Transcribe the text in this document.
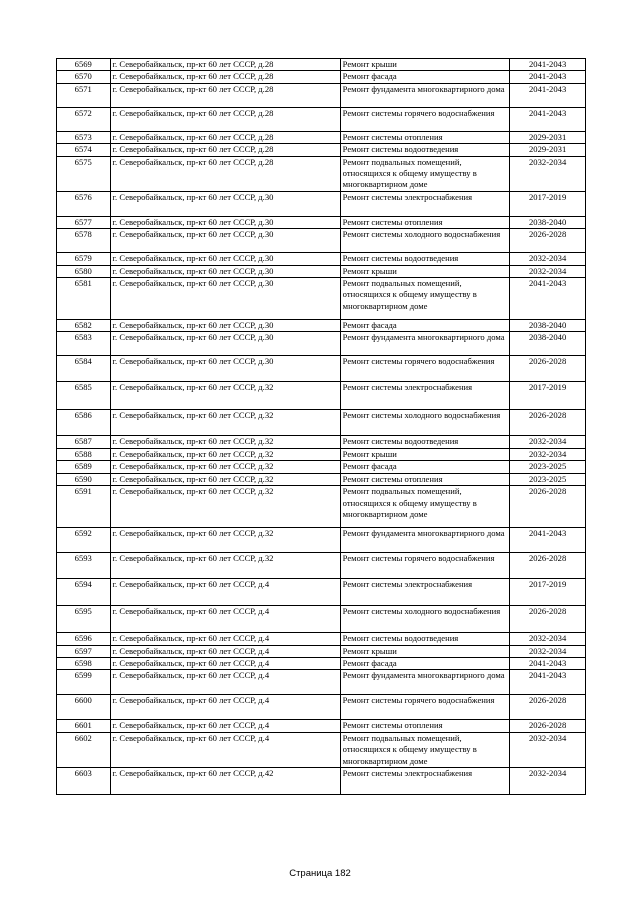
6569	г. Северобайкальск, пр-кт 60 лет СССР, д.28	Ремонт крыши	2041-2043
6570	г. Северобайкальск, пр-кт 60 лет СССР, д.28	Ремонт фасада	2041-2043
6571	г. Северобайкальск, пр-кт 60 лет СССР, д.28	Ремонт фундамента многоквартирного дома	2041-2043
6572	г. Северобайкальск, пр-кт 60 лет СССР, д.28	Ремонт системы горячего водоснабжения	2041-2043
6573	г. Северобайкальск, пр-кт 60 лет СССР, д.28	Ремонт системы отопления	2029-2031
6574	г. Северобайкальск, пр-кт 60 лет СССР, д.28	Ремонт системы водоотведения	2029-2031
6575	г. Северобайкальск, пр-кт 60 лет СССР, д.28	Ремонт подвальных помещений, относящихся к общему имуществу в многоквартирном доме	2032-2034
6576	г. Северобайкальск, пр-кт 60 лет СССР, д.30	Ремонт системы электроснабжения	2017-2019
6577	г. Северобайкальск, пр-кт 60 лет СССР, д.30	Ремонт системы отопления	2038-2040
6578	г. Северобайкальск, пр-кт 60 лет СССР, д.30	Ремонт системы холодного водоснабжения	2026-2028
6579	г. Северобайкальск, пр-кт 60 лет СССР, д.30	Ремонт системы водоотведения	2032-2034
6580	г. Северобайкальск, пр-кт 60 лет СССР, д.30	Ремонт крыши	2032-2034
6581	г. Северобайкальск, пр-кт 60 лет СССР, д.30	Ремонт подвальных помещений, относящихся к общему имуществу в многоквартирном доме	2041-2043
6582	г. Северобайкальск, пр-кт 60 лет СССР, д.30	Ремонт фасада	2038-2040
6583	г. Северобайкальск, пр-кт 60 лет СССР, д.30	Ремонт фундамента многоквартирного дома	2038-2040
6584	г. Северобайкальск, пр-кт 60 лет СССР, д.30	Ремонт системы горячего водоснабжения	2026-2028
6585	г. Северобайкальск, пр-кт 60 лет СССР, д.32	Ремонт системы электроснабжения	2017-2019
6586	г. Северобайкальск, пр-кт 60 лет СССР, д.32	Ремонт системы холодного водоснабжения	2026-2028
6587	г. Северобайкальск, пр-кт 60 лет СССР, д.32	Ремонт системы водоотведения	2032-2034
6588	г. Северобайкальск, пр-кт 60 лет СССР, д.32	Ремонт крыши	2032-2034
6589	г. Северобайкальск, пр-кт 60 лет СССР, д.32	Ремонт фасада	2023-2025
6590	г. Северобайкальск, пр-кт 60 лет СССР, д.32	Ремонт системы отопления	2023-2025
6591	г. Северобайкальск, пр-кт 60 лет СССР, д.32	Ремонт подвальных помещений, относящихся к общему имуществу в многоквартирном доме	2026-2028
6592	г. Северобайкальск, пр-кт 60 лет СССР, д.32	Ремонт фундамента многоквартирного дома	2041-2043
6593	г. Северобайкальск, пр-кт 60 лет СССР, д.32	Ремонт системы горячего водоснабжения	2026-2028
6594	г. Северобайкальск, пр-кт 60 лет СССР, д.4	Ремонт системы электроснабжения	2017-2019
6595	г. Северобайкальск, пр-кт 60 лет СССР, д.4	Ремонт системы холодного водоснабжения	2026-2028
6596	г. Северобайкальск, пр-кт 60 лет СССР, д.4	Ремонт системы водоотведения	2032-2034
6597	г. Северобайкальск, пр-кт 60 лет СССР, д.4	Ремонт крыши	2032-2034
6598	г. Северобайкальск, пр-кт 60 лет СССР, д.4	Ремонт фасада	2041-2043
6599	г. Северобайкальск, пр-кт 60 лет СССР, д.4	Ремонт фундамента многоквартирного дома	2041-2043
6600	г. Северобайкальск, пр-кт 60 лет СССР, д.4	Ремонт системы горячего водоснабжения	2026-2028
6601	г. Северобайкальск, пр-кт 60 лет СССР, д.4	Ремонт системы отопления	2026-2028
6602	г. Северобайкальск, пр-кт 60 лет СССР, д.4	Ремонт подвальных помещений, относящихся к общему имуществу в многоквартирном доме	2032-2034
6603	г. Северобайкальск, пр-кт 60 лет СССР, д.42	Ремонт системы электроснабжения	2032-2034
Страница 182
